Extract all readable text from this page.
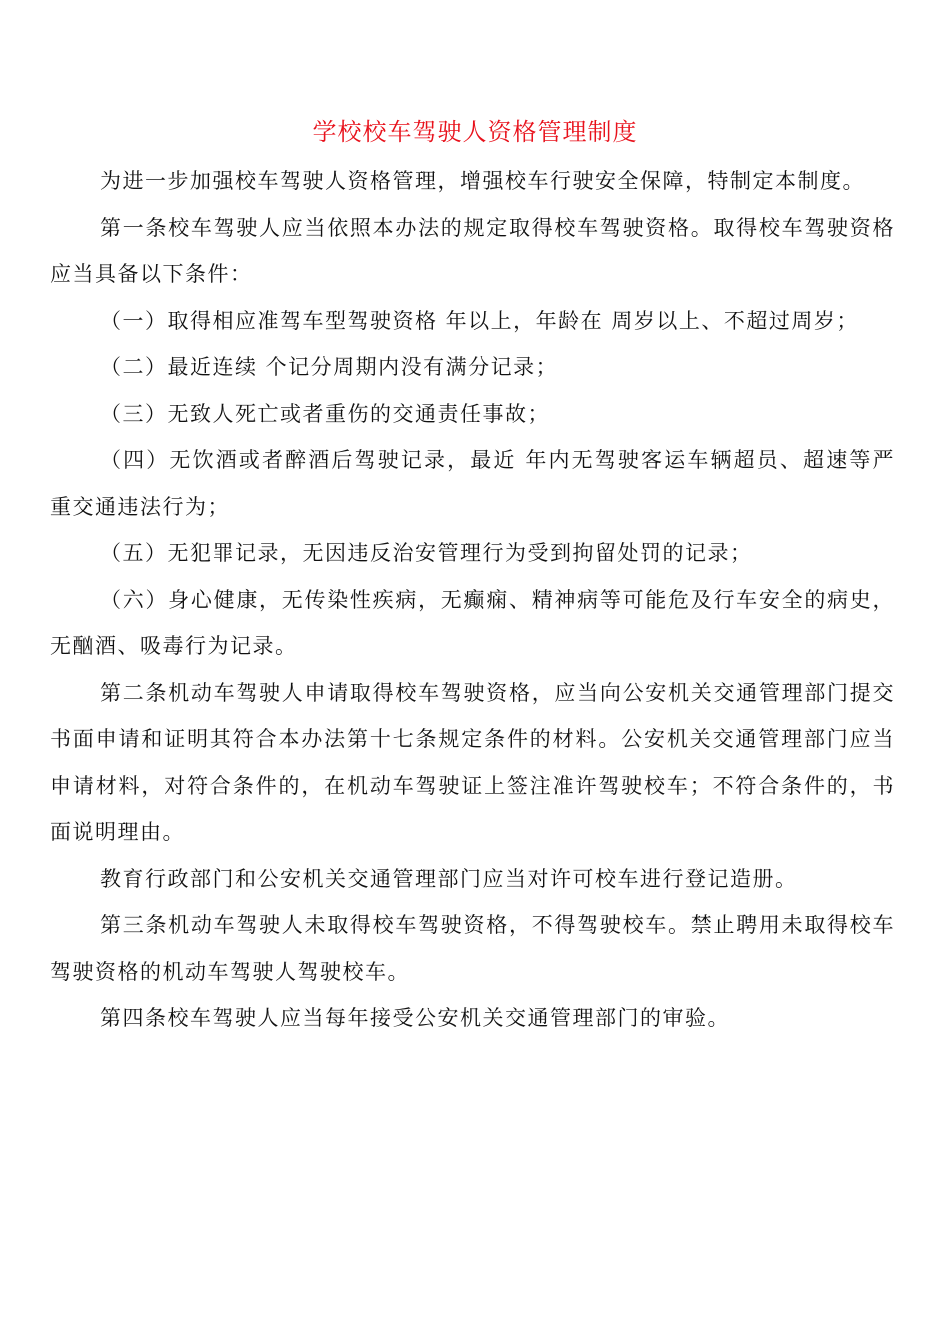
学校校车驾驶人资格管理制度

为进一步加强校车驾驶人资格管理，增强校车行驶安全保障，特制定本制度。

第一条校车驾驶人应当依照本办法的规定取得校车驾驶资格。取得校车驾驶资格应当具备以下条件：

（一）取得相应准驾车型驾驶资格 年以上，年龄在 周岁以上、不超过周岁；

（二）最近连续 个记分周期内没有满分记录；

（三）无致人死亡或者重伤的交通责任事故；

（四）无饮酒或者醉酒后驾驶记录，最近 年内无驾驶客运车辆超员、超速等严重交通违法行为；

（五）无犯罪记录，无因违反治安管理行为受到拘留处罚的记录；

（六）身心健康，无传染性疾病，无癫痫、精神病等可能危及行车安全的病史，无酗酒、吸毒行为记录。

第二条机动车驾驶人申请取得校车驾驶资格，应当向公安机关交通管理部门提交书面申请和证明其符合本办法第十七条规定条件的材料。公安机关交通管理部门应当 申请材料，对符合条件的，在机动车驾驶证上签注准许驾驶校车；不符合条件的，书面说明理由。

教育行政部门和公安机关交通管理部门应当对许可校车进行登记造册。

第三条机动车驾驶人未取得校车驾驶资格，不得驾驶校车。禁止聘用未取得校车驾驶资格的机动车驾驶人驾驶校车。

第四条校车驾驶人应当每年接受公安机关交通管理部门的审验。
